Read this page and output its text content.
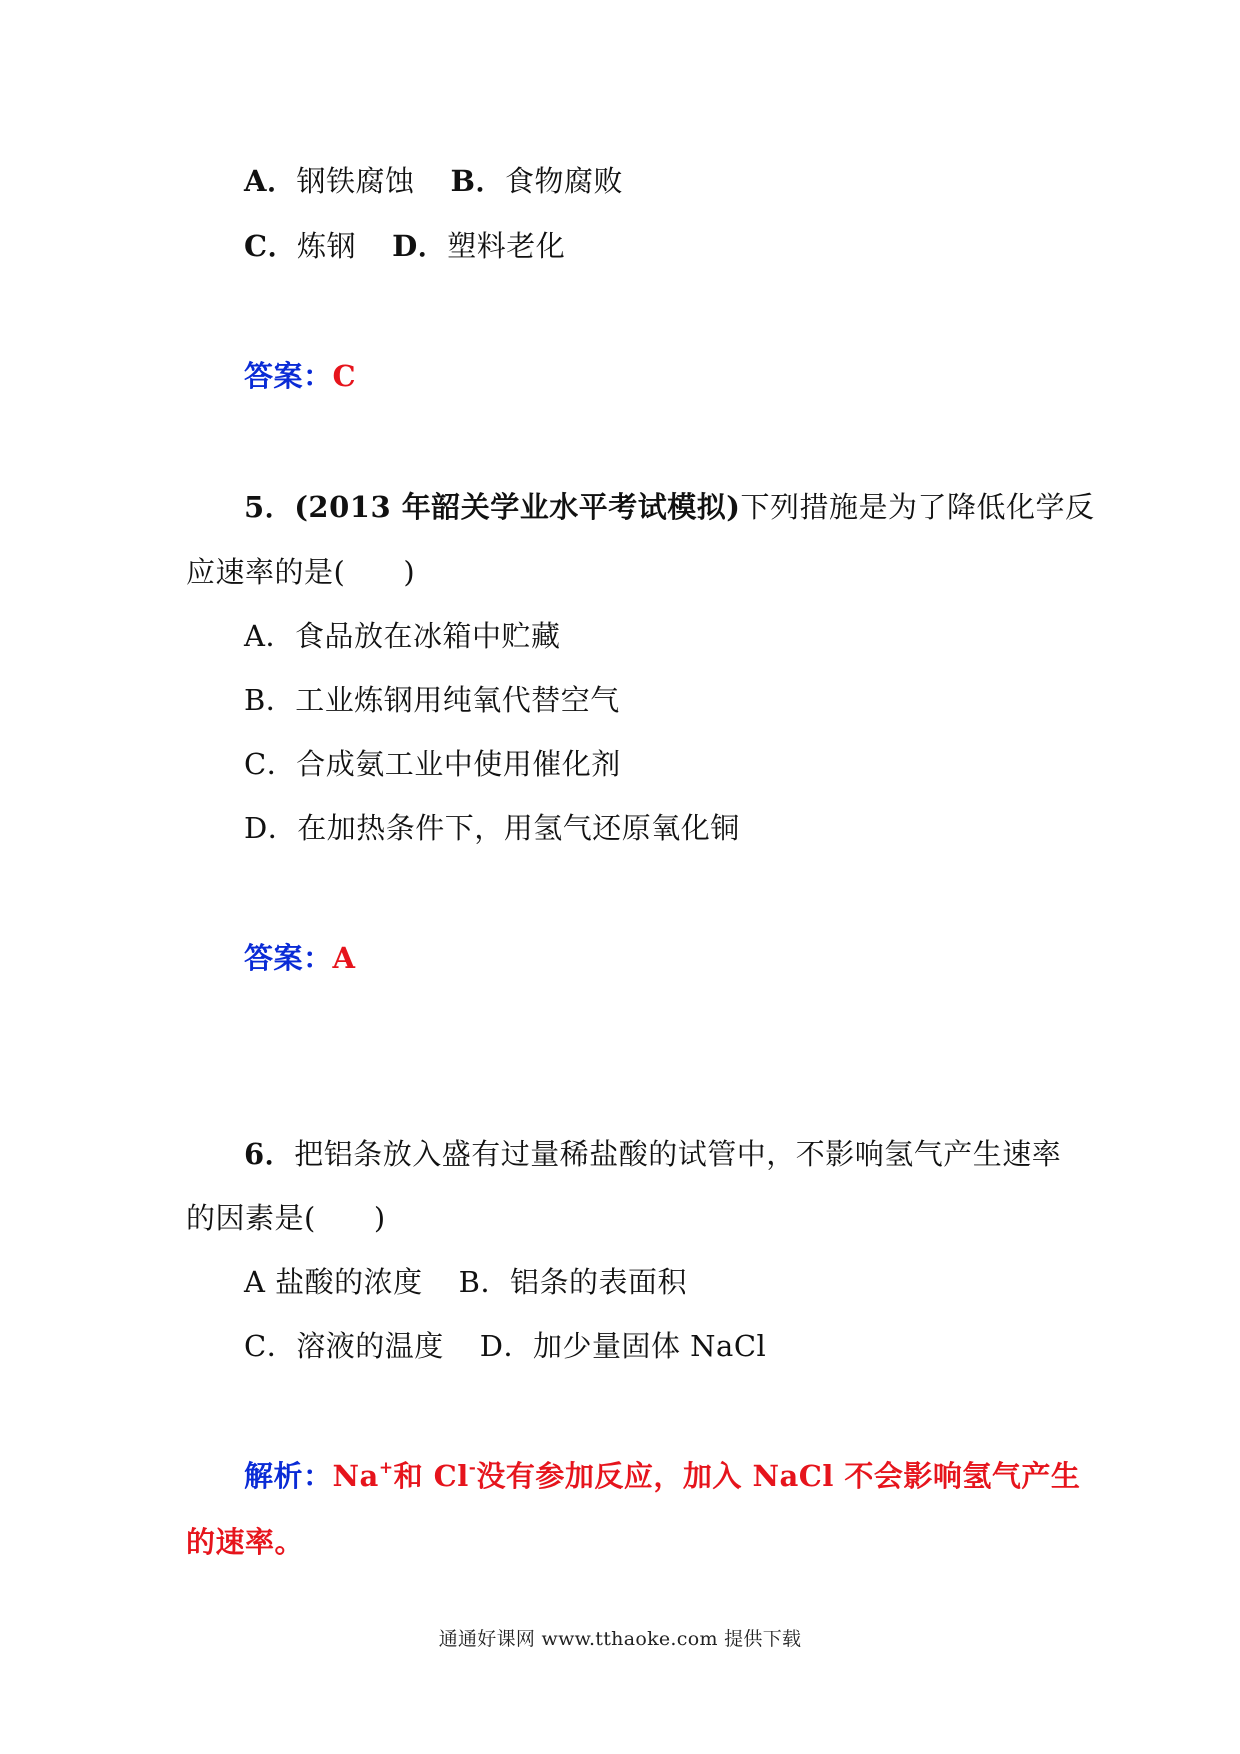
A．钢铁腐蚀 B．食物腐败
C．炼钢 D．塑料老化
答案：C
5．(2013 年韶关学业水平考试模拟)下列措施是为了降低化学反
应速率的是( )
A．食品放在冰箱中贮藏
B．工业炼钢用纯氧代替空气
C．合成氨工业中使用催化剂
D．在加热条件下，用氢气还原氧化铜
答案：A
6．把铝条放入盛有过量稀盐酸的试管中，不影响氢气产生速率
的因素是( )
A 盐酸的浓度 B．铝条的表面积
C．溶液的温度 D．加少量固体 NaCl
解析：Na+和 Cl-没有参加反应，加入 NaCl 不会影响氢气产生
的速率。
通通好课网 www.tthaoke.com 提供下载
